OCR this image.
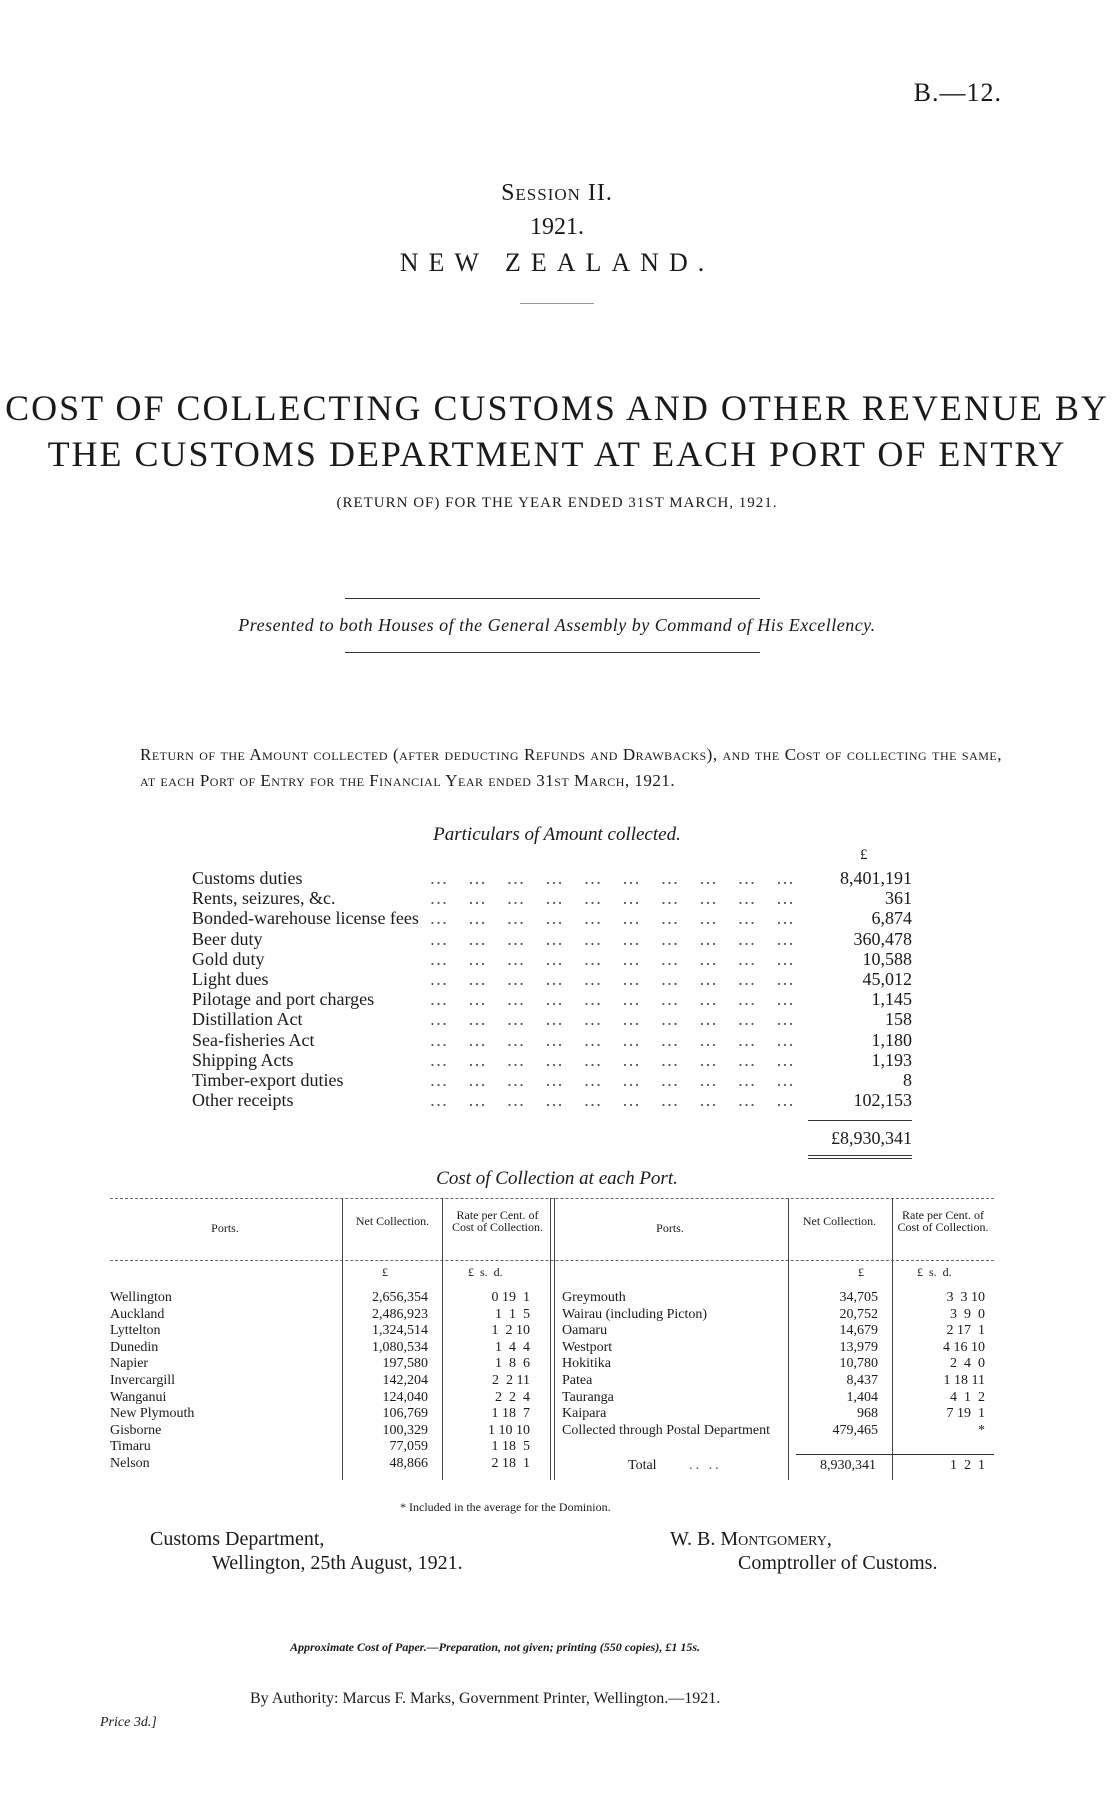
B.—12.
Session II.
1921.
NEW ZEALAND.
COST OF COLLECTING CUSTOMS AND OTHER REVENUE BY
THE CUSTOMS DEPARTMENT AT EACH PORT OF ENTRY
(RETURN OF) FOR THE YEAR ENDED 31ST MARCH, 1921.
Presented to both Houses of the General Assembly by Command of His Excellency.
Return of the Amount collected (after deducting Refunds and Drawbacks), and the Cost of collecting the same, at each Port of Entry for the Financial Year ended 31st March, 1921.
Particulars of Amount collected.
£
… … … … … … … … … …
Customs duties	8,401,191
… … … … … … … … … …
Rents, seizures, &c.	361
… … … … … … … … … …
Bonded-warehouse license fees	6,874
… … … … … … … … … …
Beer duty	360,478
… … … … … … … … … …
Gold duty	10,588
… … … … … … … … … …
Light dues	45,012
… … … … … … … … … …
Pilotage and port charges	1,145
… … … … … … … … … …
Distillation Act	158
… … … … … … … … … …
Sea-fisheries Act	1,180
… … … … … … … … … …
Shipping Acts	1,193
… … … … … … … … … …
Timber-export duties	8
… … … … … … … … … …
Other receipts	102,153
£8,930,341
Cost of Collection at each Port.
Ports.	Net Collection.	Rate per Cent. of Cost of Collection.	Ports.	Net Collection.	Rate per Cent. of Cost of Collection.
£	£  s.  d.	£	£  s.  d.
Wellington	2,656,354	0 19  1
Auckland	2,486,923	1  1  5
Lyttelton	1,324,514	1  2 10
Dunedin	1,080,534	1  4  4
Napier	197,580	1  8  6
Invercargill	142,204	2  2 11
Wanganui	124,040	2  2  4
New Plymouth	106,769	1 18  7
Gisborne	100,329	1 10 10
Timaru	77,059	1 18  5
Nelson	48,866	2 18  1
Greymouth	34,705	3  3 10
Wairau (including Picton)	20,752	3  9  0
Oamaru	14,679	2 17  1
Westport	13,979	4 16 10
Hokitika	10,780	2  4  0
Patea	8,437	1 18 11
Tauranga	1,404	4  1  2
Kaipara	968	7 19  1
Collected through Postal Department	479,465	*
Total     .. ..	8,930,341	1  2  1
* Included in the average for the Dominion.
Customs Department,
Wellington, 25th August, 1921.
W. B. Montgomery,
Comptroller of Customs.
Approximate Cost of Paper.—Preparation, not given; printing (550 copies), £1 15s.
By Authority: Marcus F. Marks, Government Printer, Wellington.—1921.
Price 3d.]
